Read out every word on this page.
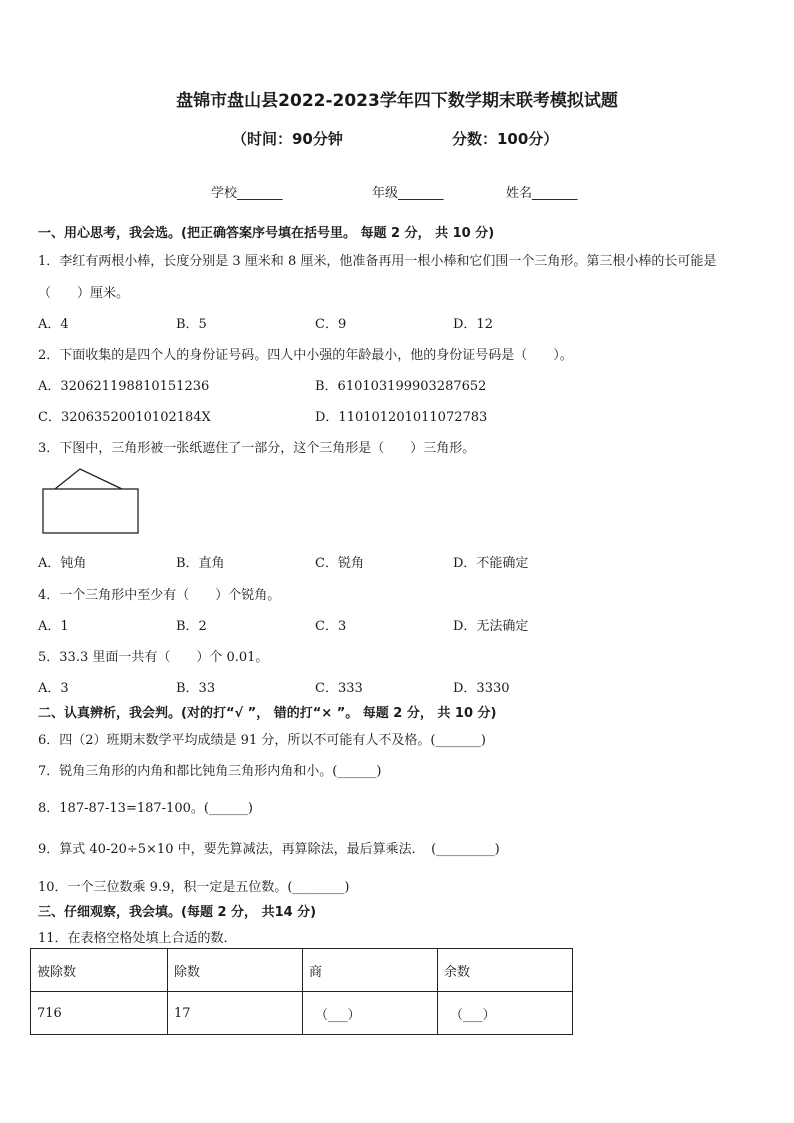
盘锦市盘山县2022-2023学年四下数学期末联考模拟试题
（时间：90分钟	分数：100分）
学校_______	年级_______	姓名_______
一、用心思考，我会选。(把正确答案序号填在括号里。 每题 2 分， 共 10 分)
1．李红有两根小棒，长度分别是 3 厘米和 8 厘米，他准备再用一根小棒和它们围一个三角形。第三根小棒的长可能是
（　　）厘米。
A．4	B．5	C．9	D．12
2．下面收集的是四个人的身份证号码。四人中小强的年龄最小，他的身份证号码是（　　）。
A．320621198810151236	B．610103199903287652
C．32063520010102184X	D．110101201011072783
3．下图中，三角形被一张纸遮住了一部分，这个三角形是（　　）三角形。
A．钝角	B．直角	C．锐角	D．不能确定
4．一个三角形中至少有（　　）个锐角。
A．1	B．2	C．3	D．无法确定
5．33.3 里面一共有（　　）个 0.01。
A．3	B．33	C．333	D．3330
二、认真辨析，我会判。(对的打“√ ”， 错的打“× ”。 每题 2 分， 共 10 分)
6．四（2）班期末数学平均成绩是 91 分，所以不可能有人不及格。(_______)
7．锐角三角形的内角和都比钝角三角形内角和小。(______)
8．187-87-13=187-100。(______)
9．算式 40-20÷5×10 中，要先算减法，再算除法，最后算乘法．　(_________)
10．一个三位数乘 9.9，积一定是五位数。(________)
三、仔细观察，我会填。(每题 2 分， 共14 分)
11．在表格空格处填上合适的数．
被除数	除数	商	余数
716	17	（___）	（___）
